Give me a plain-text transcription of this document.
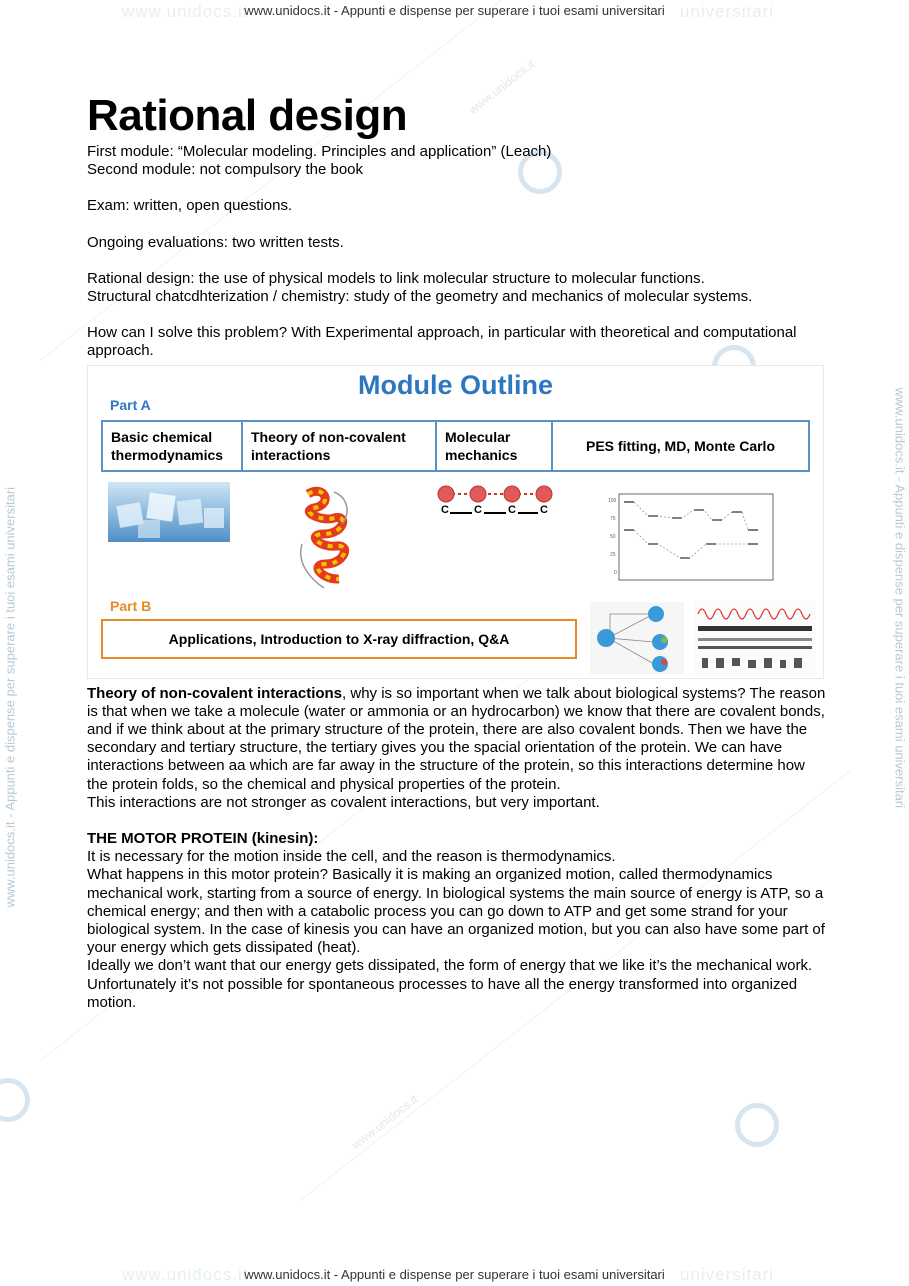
www.unidocs.it	universitari
www.unidocs.it	universitari
www.unidocs.it
www.unidocs.it
www.unidocs.it - Appunti e dispense per superare i tuoi esami universitari	www.unidocs.it - Appunti e dispense per superare i tuoi esami universitari
www.unidocs.it - Appunti e dispense per superare i tuoi esami universitari
www.unidocs.it - Appunti e dispense per superare i tuoi esami universitari
Rational design

First module: “Molecular modeling. Principles and application” (Leach)

Second module: not compulsory the book

Exam: written, open questions.

Ongoing evaluations: two written tests.

Rational design: the use of physical models to link molecular structure to molecular functions.

Structural chatcdhterization / chemistry: study of the geometry and mechanics of molecular systems.

How can I solve this problem? With Experimental approach, in particular with theoretical and computational approach.

Module Outline
Part A
Basic chemical thermodynamics
Theory of non-covalent interactions
Molecular mechanics
PES fitting, MD, Monte Carlo
C C C C
100
75
50
25
0
Part B
Applications, Introduction to X-ray diffraction, Q&A

Theory of non-covalent interactions, why is so important when we talk about biological systems? The reason is that when we take a molecule (water or ammonia or an hydrocarbon) we know that there are covalent bonds, and if we think about at the primary structure of the protein, there are also covalent bonds. Then we have the secondary and tertiary structure, the tertiary gives you the spacial orientation of the protein. We can have interactions between aa which are far away in the structure of the protein, so this interactions determine how the protein folds, so the chemical and physical properties of the protein.

This interactions are not stronger as covalent interactions, but very important.

THE MOTOR PROTEIN (kinesin):

It is necessary for the motion inside the cell, and the reason is thermodynamics.

What happens in this motor protein? Basically it is making an organized motion, called thermodynamics mechanical work, starting from a source of energy. In biological systems the main source of energy is ATP, so a chemical energy; and then with a catabolic process you can go down to ATP and get some strand for your biological system. In the case of kinesis you can have an organized motion, but you can also have some part of your energy which gets dissipated (heat).

Ideally we don’t want that our energy gets dissipated, the form of energy that we like it’s the mechanical work. Unfortunately it’s not possible for spontaneous processes to have all the energy transformed into organized motion.
